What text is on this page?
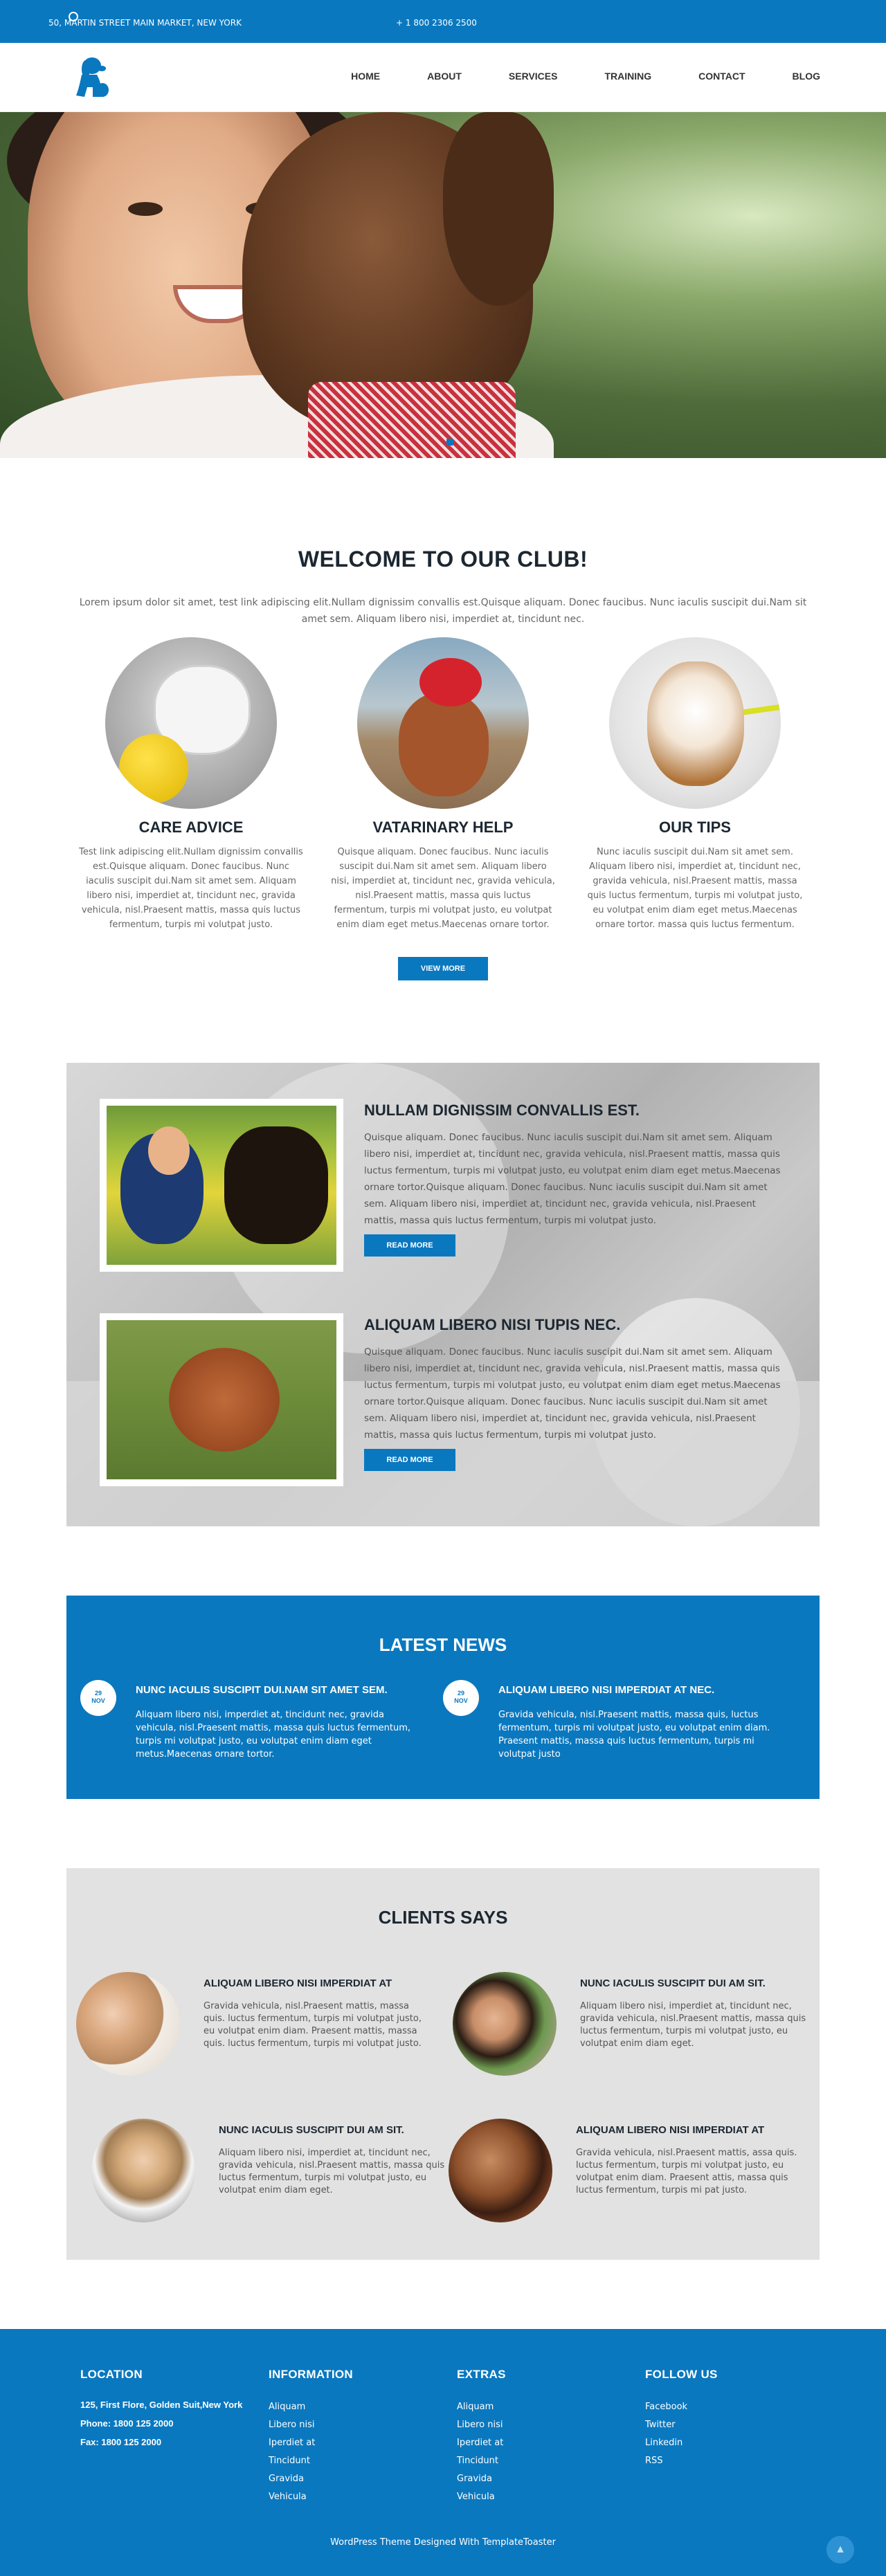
50, MARTIN STREET MAIN MARKET, NEW YORK	+ 1 800 2306 2500
HOME	ABOUT	SERVICES	TRAINING	CONTACT	BLOG
WELCOME TO OUR CLUB!

Lorem ipsum dolor sit amet, test link adipiscing elit.Nullam dignissim convallis est.Quisque aliquam. Donec faucibus. Nunc iaculis suscipit dui.Nam sit amet sem. Aliquam libero nisi, imperdiet at, tincidunt nec.

CARE ADVICE

Test link adipiscing elit.Nullam dignissim convallis est.Quisque aliquam. Donec faucibus. Nunc iaculis suscipit dui.Nam sit amet sem. Aliquam libero nisi, imperdiet at, tincidunt nec, gravida vehicula, nisl.Praesent mattis, massa quis luctus fermentum, turpis mi volutpat justo.

VATARINARY HELP

Quisque aliquam. Donec faucibus. Nunc iaculis suscipit dui.Nam sit amet sem. Aliquam libero nisi, imperdiet at, tincidunt nec, gravida vehicula, nisl.Praesent mattis, massa quis luctus fermentum, turpis mi volutpat justo, eu volutpat enim diam eget metus.Maecenas ornare tortor.

OUR TIPS

Nunc iaculis suscipit dui.Nam sit amet sem. Aliquam libero nisi, imperdiet at, tincidunt nec, gravida vehicula, nisl.Praesent mattis, massa quis luctus fermentum, turpis mi volutpat justo, eu volutpat enim diam eget metus.Maecenas ornare tortor. massa quis luctus fermentum.

VIEW MORE
NULLAM DIGNISSIM CONVALLIS EST.

Quisque aliquam. Donec faucibus. Nunc iaculis suscipit dui.Nam sit amet sem. Aliquam libero nisi, imperdiet at, tincidunt nec, gravida vehicula, nisl.Praesent mattis, massa quis luctus fermentum, turpis mi volutpat justo, eu volutpat enim diam eget metus.Maecenas ornare tortor.Quisque aliquam. Donec faucibus. Nunc iaculis suscipit dui.Nam sit amet sem. Aliquam libero nisi, imperdiet at, tincidunt nec, gravida vehicula, nisl.Praesent mattis, massa quis luctus fermentum, turpis mi volutpat justo.

READ MORE
ALIQUAM LIBERO NISI TUPIS NEC.

Quisque aliquam. Donec faucibus. Nunc iaculis suscipit dui.Nam sit amet sem. Aliquam libero nisi, imperdiet at, tincidunt nec, gravida vehicula, nisl.Praesent mattis, massa quis luctus fermentum, turpis mi volutpat justo, eu volutpat enim diam eget metus.Maecenas ornare tortor.Quisque aliquam. Donec faucibus. Nunc iaculis suscipit dui.Nam sit amet sem. Aliquam libero nisi, imperdiet at, tincidunt nec, gravida vehicula, nisl.Praesent mattis, massa quis luctus fermentum, turpis mi volutpat justo.

READ MORE
LATEST NEWS
29
NOV
NUNC IACULIS SUSCIPIT DUI.NAM SIT AMET SEM.

Aliquam libero nisi, imperdiet at, tincidunt nec, gravida vehicula, nisl.Praesent mattis, massa quis luctus fermentum, turpis mi volutpat justo, eu volutpat enim diam eget metus.Maecenas ornare tortor.

29
NOV
ALIQUAM LIBERO NISI IMPERDIAT AT NEC.

Gravida vehicula, nisl.Praesent mattis, massa quis, luctus fermentum, turpis mi volutpat justo, eu volutpat enim diam. Praesent mattis, massa quis luctus fermentum, turpis mi volutpat justo

CLIENTS SAYS
ALIQUAM LIBERO NISI IMPERDIAT AT

Gravida vehicula, nisl.Praesent mattis, massa quis. luctus fermentum, turpis mi volutpat justo, eu volutpat enim diam. Praesent mattis, massa quis. luctus fermentum, turpis mi volutpat justo.

NUNC IACULIS SUSCIPIT DUI AM SIT.

Aliquam libero nisi, imperdiet at, tincidunt nec, gravida vehicula, nisl.Praesent mattis, massa quis luctus fermentum, turpis mi volutpat justo, eu volutpat enim diam eget.

NUNC IACULIS SUSCIPIT DUI AM SIT.

Aliquam libero nisi, imperdiet at, tincidunt nec, gravida vehicula, nisl.Praesent mattis, massa quis luctus fermentum, turpis mi volutpat justo, eu volutpat enim diam eget.

ALIQUAM LIBERO NISI IMPERDIAT AT

Gravida vehicula, nisl.Praesent mattis, assa quis. luctus fermentum, turpis mi volutpat justo, eu volutpat enim diam. Praesent attis, massa quis luctus fermentum, turpis mi pat justo.

LOCATION
125, First Flore, Golden Suit,New York
Phone: 1800 125 2000
Fax: 1800 125 2000
INFORMATION
Aliquam
Libero nisi
Iperdiet at
Tincidunt
Gravida
Vehicula
EXTRAS
Aliquam
Libero nisi
Iperdiet at
Tincidunt
Gravida
Vehicula
FOLLOW US
Facebook
Twitter
Linkedin
RSS
WordPress Theme Designed With TemplateToaster
▲
